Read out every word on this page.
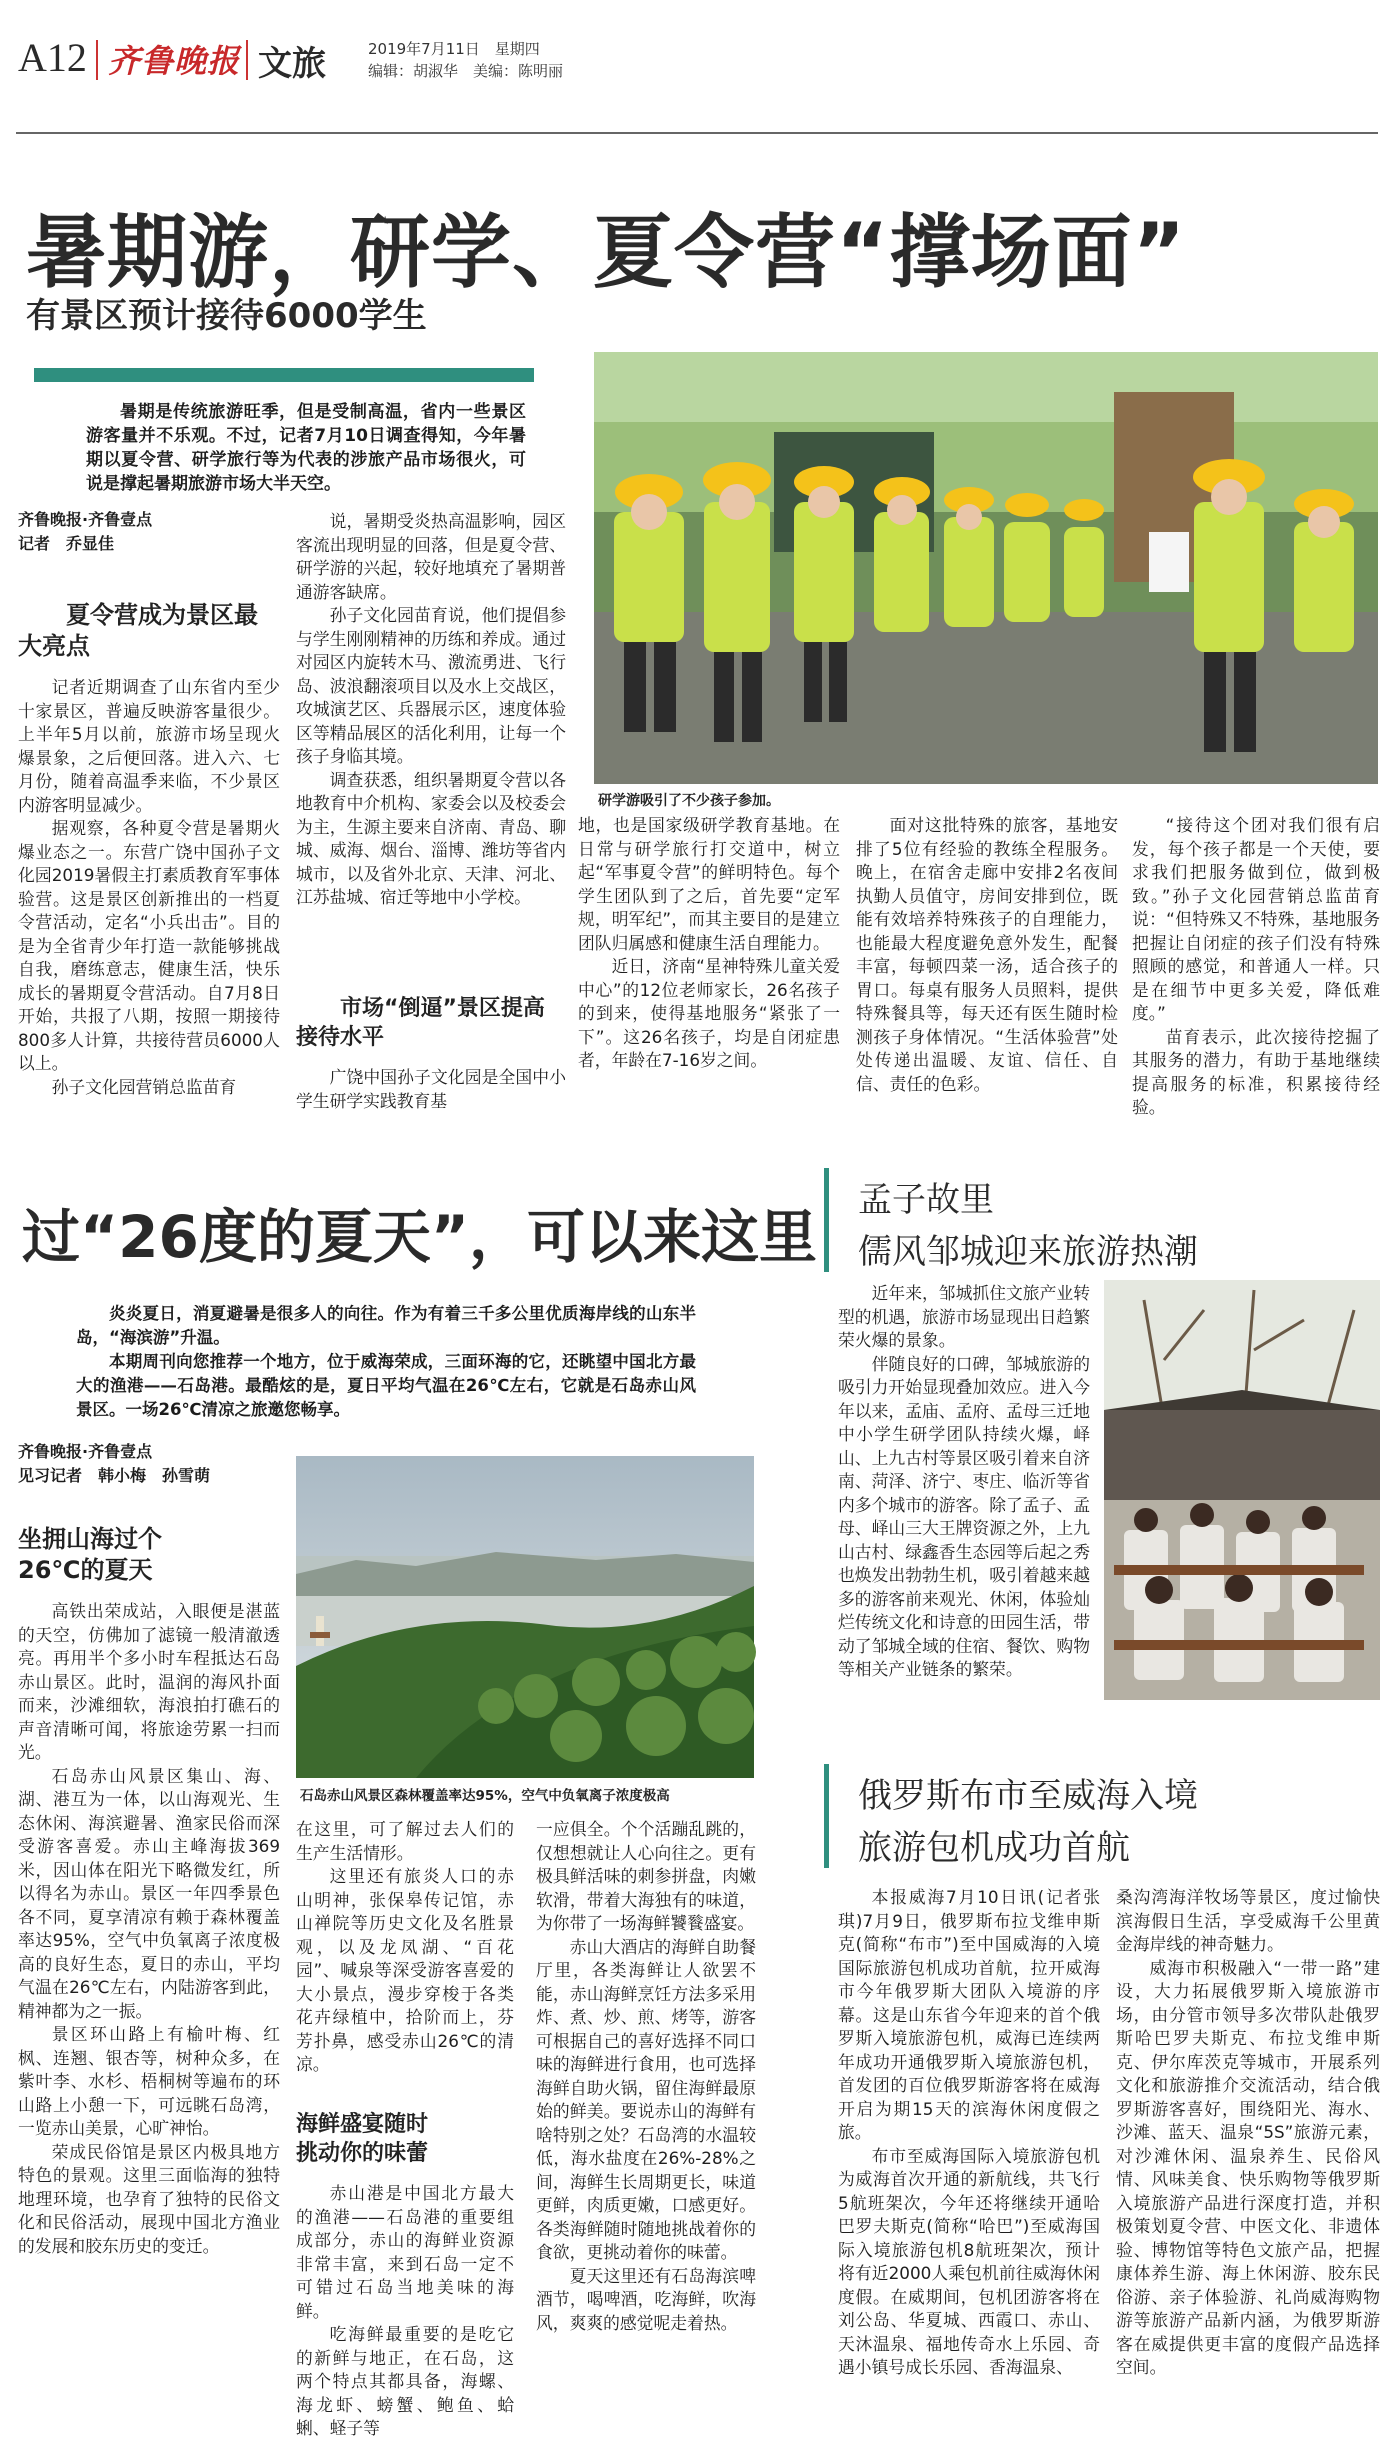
A12 齐鲁晚报 文旅	2019年7月11日　星期四
编辑：胡淑华　美编：陈明丽
暑期游，研学、夏令营“撑场面”
有景区预计接待6000学生

暑期是传统旅游旺季，但是受制高温，省内一些景区游客量并不乐观。不过，记者7月10日调查得知，今年暑期以夏令营、研学旅行等为代表的涉旅产品市场很火，可说是撑起暑期旅游市场大半天空。

研学游吸引了不少孩子参加。
齐鲁晚报·齐鲁壹点
记者　乔显佳
夏令营成为景区最大亮点

记者近期调查了山东省内至少十家景区，普遍反映游客量很少。上半年5月以前，旅游市场呈现火爆景象，之后便回落。进入六、七月份，随着高温季来临，不少景区内游客明显减少。

据观察，各种夏令营是暑期火爆业态之一。东营广饶中国孙子文化园2019暑假主打素质教育军事体验营。这是景区创新推出的一档夏令营活动，定名“小兵出击”。目的是为全省青少年打造一款能够挑战自我，磨练意志，健康生活，快乐成长的暑期夏令营活动。自7月8日开始，共报了八期，按照一期接待800多人计算，共接待营员6000人以上。

孙子文化园营销总监苗育

说，暑期受炎热高温影响，园区客流出现明显的回落，但是夏令营、研学游的兴起，较好地填充了暑期普通游客缺席。

孙子文化园苗育说，他们提倡参与学生刚刚精神的历练和养成。通过对园区内旋转木马、激流勇进、飞行岛、波浪翻滚项目以及水上交战区，攻城演艺区、兵器展示区，速度体验区等精品展区的活化利用，让每一个孩子身临其境。

调查获悉，组织暑期夏令营以各地教育中介机构、家委会以及校委会为主，生源主要来自济南、青岛、聊城、威海、烟台、淄博、潍坊等省内城市，以及省外北京、天津、河北、江苏盐城、宿迁等地中小学校。

市场“倒逼”景区提高接待水平

广饶中国孙子文化园是全国中小学生研学实践教育基

地，也是国家级研学教育基地。在日常与研学旅行打交道中，树立起“军事夏令营”的鲜明特色。每个学生团队到了之后，首先要“定军规，明军纪”，而其主要目的是建立团队归属感和健康生活自理能力。

近日，济南“星神特殊儿童关爱中心”的12位老师家长，26名孩子的到来，使得基地服务“紧张了一下”。这26名孩子，均是自闭症患者，年龄在7-16岁之间。

面对这批特殊的旅客，基地安排了5位有经验的教练全程服务。晚上，在宿舍走廊中安排2名夜间执勤人员值守，房间安排到位，既能有效培养特殊孩子的自理能力，也能最大程度避免意外发生，配餐丰富，每顿四菜一汤，适合孩子的胃口。每桌有服务人员照料，提供特殊餐具等，每天还有医生随时检测孩子身体情况。“生活体验营”处处传递出温暖、友谊、信任、自信、责任的色彩。

“接待这个团对我们很有启发，每个孩子都是一个天使，要求我们把服务做到位，做到极致。”孙子文化园营销总监苗育说：“但特殊又不特殊，基地服务把握让自闭症的孩子们没有特殊照顾的感觉，和普通人一样。只是在细节中更多关爱，降低难度。”

苗育表示，此次接待挖掘了其服务的潜力，有助于基地继续提高服务的标准，积累接待经验。

过“26度的夏天”，可以来这里

炎炎夏日，消夏避暑是很多人的向往。作为有着三千多公里优质海岸线的山东半岛，“海滨游”升温。

本期周刊向您推荐一个地方，位于威海荣成，三面环海的它，还眺望中国北方最大的渔港——石岛港。最酷炫的是，夏日平均气温在26℃左右，它就是石岛赤山风景区。一场26℃清凉之旅邀您畅享。

齐鲁晚报·齐鲁壹点
见习记者　韩小梅　孙雪萌
坐拥山海过个26℃的夏天

高铁出荣成站，入眼便是湛蓝的天空，仿佛加了滤镜一般清澈透亮。再用半个多小时车程抵达石岛赤山景区。此时，温润的海风扑面而来，沙滩细软，海浪拍打礁石的声音清晰可闻，将旅途劳累一扫而光。

石岛赤山风景区集山、海、湖、港互为一体，以山海观光、生态休闲、海滨避暑、渔家民俗而深受游客喜爱。赤山主峰海拔369米，因山体在阳光下略微发红，所以得名为赤山。景区一年四季景色各不同，夏享清凉有赖于森林覆盖率达95%，空气中负氧离子浓度极高的良好生态，夏日的赤山，平均气温在26℃左右，内陆游客到此，精神都为之一振。

景区环山路上有榆叶梅、红枫、连翘、银杏等，树种众多，在紫叶李、水杉、梧桐树等遍布的环山路上小憩一下，可远眺石岛湾，一览赤山美景，心旷神怡。

荣成民俗馆是景区内极具地方特色的景观。这里三面临海的独特地理环境，也孕育了独特的民俗文化和民俗活动，展现中国北方渔业的发展和胶东历史的变迁。

石岛赤山风景区森林覆盖率达95%，空气中负氧离子浓度极高

在这里，可了解过去人们的生产生活情形。

这里还有旅炎人口的赤山明神，张保皋传记馆，赤山禅院等历史文化及名胜景观，以及龙凤湖、“百花园”、喊泉等深受游客喜爱的大小景点，漫步穿梭于各类花卉绿植中，拾阶而上，芬芳扑鼻，感受赤山26℃的清凉。

海鲜盛宴随时挑动你的味蕾

赤山港是中国北方最大的渔港——石岛港的重要组成部分，赤山的海鲜业资源非常丰富，来到石岛一定不可错过石岛当地美味的海鲜。

吃海鲜最重要的是吃它的新鲜与地正，在石岛，这两个特点其都具备，海螺、海龙虾、螃蟹、鲍鱼、蛤蜊、蛏子等

一应俱全。个个活蹦乱跳的，仅想想就让人心向往之。更有极具鲜活味的刺参拼盘，肉嫩软滑，带着大海独有的味道，为你带了一场海鲜饕餮盛宴。

赤山大酒店的海鲜自助餐厅里，各类海鲜让人欲罢不能，赤山海鲜烹饪方法多采用炸、煮、炒、煎、烤等，游客可根据自己的喜好选择不同口味的海鲜进行食用，也可选择海鲜自助火锅，留住海鲜最原始的鲜美。要说赤山的海鲜有啥特别之处？石岛湾的水温较低，海水盐度在26%-28%之间，海鲜生长周期更长，味道更鲜，肉质更嫩，口感更好。各类海鲜随时随地挑战着你的食欲，更挑动着你的味蕾。

夏天这里还有石岛海滨啤酒节，喝啤酒，吃海鲜，吹海风，爽爽的感觉呢走着热。

孟子故里
儒风邹城迎来旅游热潮

近年来，邹城抓住文旅产业转型的机遇，旅游市场显现出日趋繁荣火爆的景象。

伴随良好的口碑，邹城旅游的吸引力开始显现叠加效应。进入今年以来，孟庙、孟府、孟母三迁地中小学生研学团队持续火爆，峄山、上九古村等景区吸引着来自济南、菏泽、济宁、枣庄、临沂等省内多个城市的游客。除了孟子、孟母、峄山三大王牌资源之外，上九山古村、绿鑫香生态园等后起之秀也焕发出勃勃生机，吸引着越来越多的游客前来观光、休闲，体验灿烂传统文化和诗意的田园生活，带动了邹城全域的住宿、餐饮、购物等相关产业链条的繁荣。

俄罗斯布市至威海入境
旅游包机成功首航

本报威海7月10日讯(记者张琪)7月9日，俄罗斯布拉戈维申斯克(简称“布市”)至中国威海的入境国际旅游包机成功首航，拉开威海市今年俄罗斯大团队入境游的序幕。这是山东省今年迎来的首个俄罗斯入境旅游包机，威海已连续两年成功开通俄罗斯入境旅游包机，首发团的百位俄罗斯游客将在威海开启为期15天的滨海休闲度假之旅。

布市至威海国际入境旅游包机为威海首次开通的新航线，共飞行5航班架次，今年还将继续开通哈巴罗夫斯克(简称“哈巴”)至威海国际入境旅游包机8航班架次，预计将有近2000人乘包机前往威海休闲度假。在威期间，包机团游客将在刘公岛、华夏城、西霞口、赤山、天沐温泉、福地传奇水上乐园、奇遇小镇号成长乐园、香海温泉、

桑沟湾海洋牧场等景区，度过愉快滨海假日生活，享受威海千公里黄金海岸线的神奇魅力。

威海市积极融入“一带一路”建设，大力拓展俄罗斯入境旅游市场，由分管市领导多次带队赴俄罗斯哈巴罗夫斯克、布拉戈维申斯克、伊尔库茨克等城市，开展系列文化和旅游推介交流活动，结合俄罗斯游客喜好，围绕阳光、海水、沙滩、蓝天、温泉“5S”旅游元素，对沙滩休闲、温泉养生、民俗风情、风味美食、快乐购物等俄罗斯入境旅游产品进行深度打造，并积极策划夏令营、中医文化、非遗体验、博物馆等特色文旅产品，把握康体养生游、海上休闲游、胶东民俗游、亲子体验游、礼尚威海购物游等旅游产品新内涵，为俄罗斯游客在威提供更丰富的度假产品选择空间。
